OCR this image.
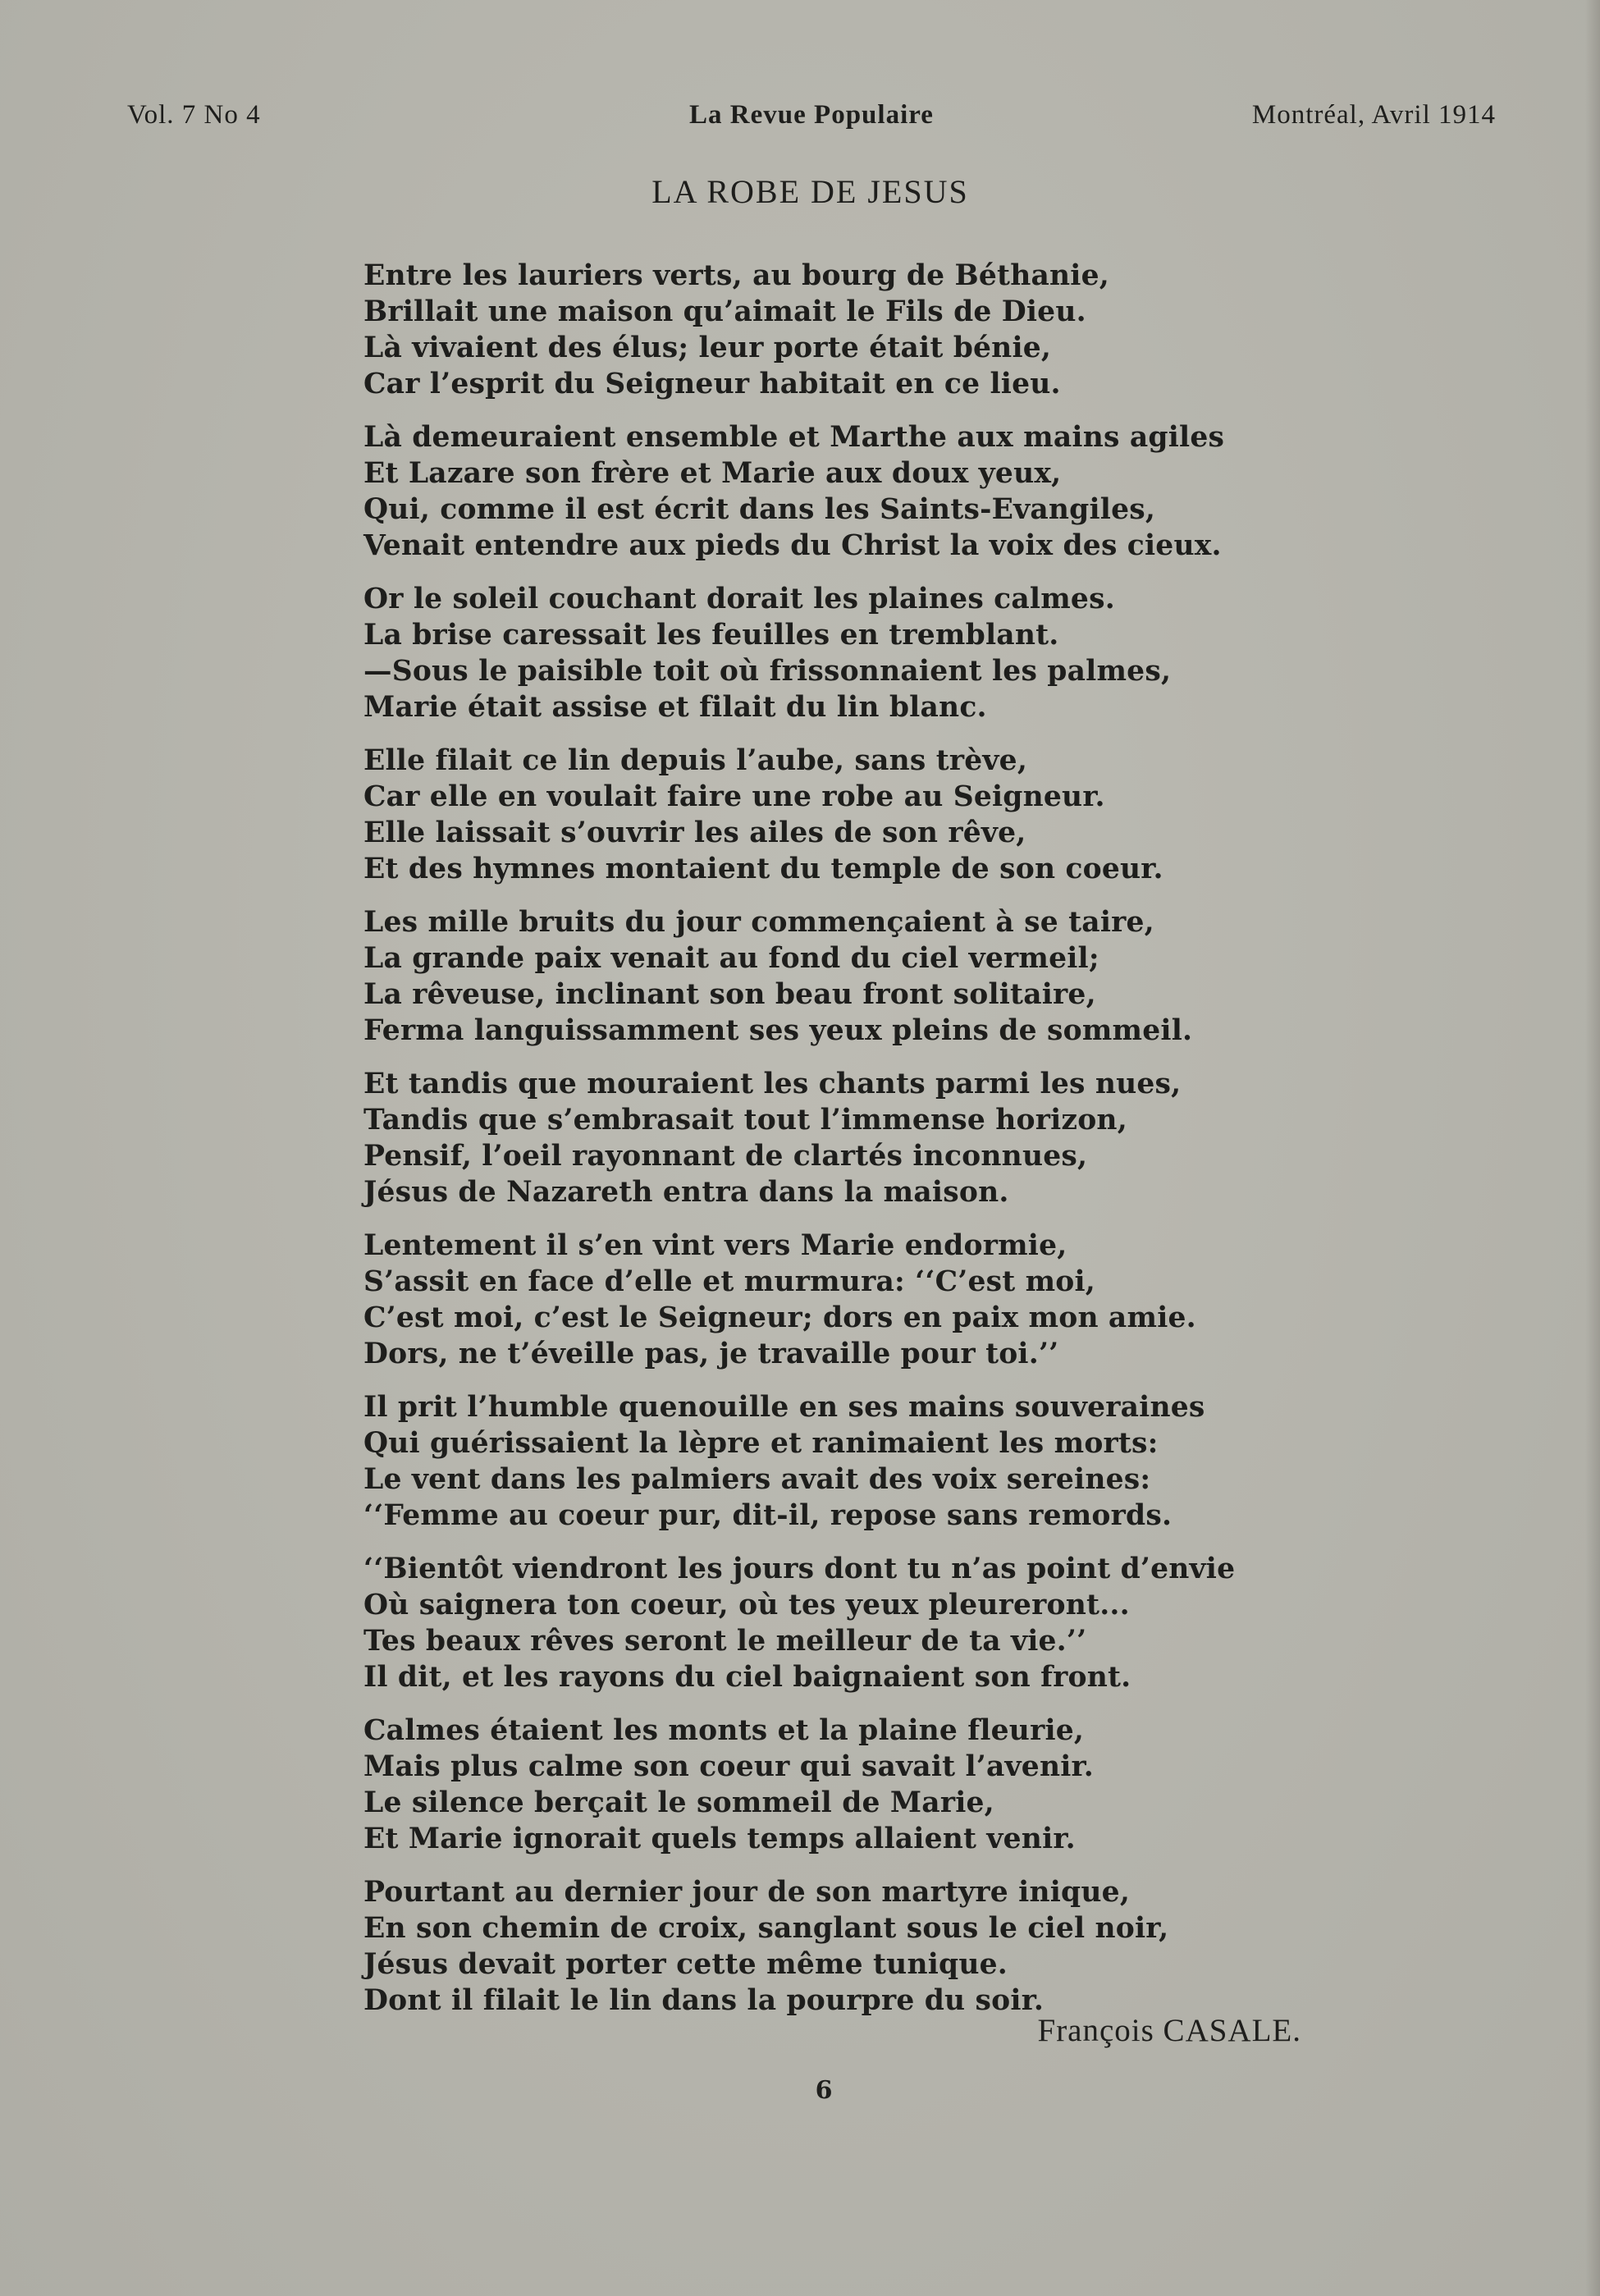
Vol. 7 No 4	La Revue Populaire	Montréal, Avril 1914
LA ROBE DE JESUS
Entre les lauriers verts, au bourg de Béthanie,
Brillait une maison qu’aimait le Fils de Dieu.
Là vivaient des élus; leur porte était bénie,
Car l’esprit du Seigneur habitait en ce lieu.
Là demeuraient ensemble et Marthe aux mains agiles
Et Lazare son frère et Marie aux doux yeux,
Qui, comme il est écrit dans les Saints-Evangiles,
Venait entendre aux pieds du Christ la voix des cieux.
Or le soleil couchant dorait les plaines calmes.
La brise caressait les feuilles en tremblant.
—Sous le paisible toit où frissonnaient les palmes,
Marie était assise et filait du lin blanc.
Elle filait ce lin depuis l’aube, sans trève,
Car elle en voulait faire une robe au Seigneur.
Elle laissait s’ouvrir les ailes de son rêve,
Et des hymnes montaient du temple de son coeur.
Les mille bruits du jour commençaient à se taire,
La grande paix venait au fond du ciel vermeil;
La rêveuse, inclinant son beau front solitaire,
Ferma languissamment ses yeux pleins de sommeil.
Et tandis que mouraient les chants parmi les nues,
Tandis que s’embrasait tout l’immense horizon,
Pensif, l’oeil rayonnant de clartés inconnues,
Jésus de Nazareth entra dans la maison.
Lentement il s’en vint vers Marie endormie,
S’assit en face d’elle et murmura: ‘‘C’est moi,
C’est moi, c’est le Seigneur; dors en paix mon amie.
Dors, ne t’éveille pas, je travaille pour toi.’’
Il prit l’humble quenouille en ses mains souveraines
Qui guérissaient la lèpre et ranimaient les morts:
Le vent dans les palmiers avait des voix sereines:
‘‘Femme au coeur pur, dit-il, repose sans remords.
‘‘Bientôt viendront les jours dont tu n’as point d’envie
Où saignera ton coeur, où tes yeux pleureront...
Tes beaux rêves seront le meilleur de ta vie.’’
Il dit, et les rayons du ciel baignaient son front.
Calmes étaient les monts et la plaine fleurie,
Mais plus calme son coeur qui savait l’avenir.
Le silence berçait le sommeil de Marie,
Et Marie ignorait quels temps allaient venir.
Pourtant au dernier jour de son martyre inique,
En son chemin de croix, sanglant sous le ciel noir,
Jésus devait porter cette même tunique.
Dont il filait le lin dans la pourpre du soir.
François CASALE.
6
